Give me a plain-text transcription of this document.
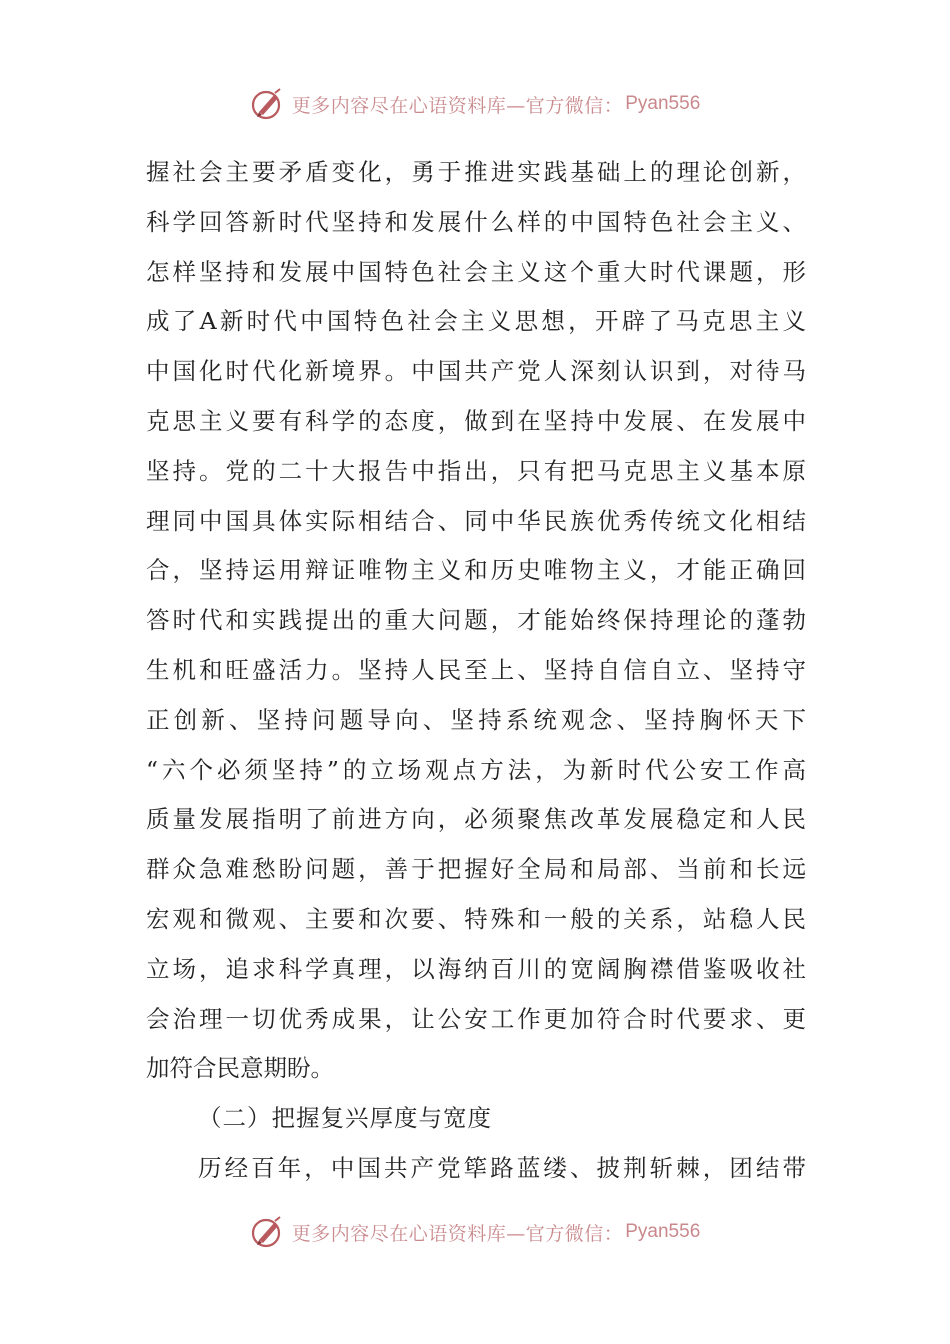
更多内容尽在心语资料库— 官方微信： Pyan556
握社会主要矛盾变化，勇于推进实践基础上的理论创新，
科学回答新时代坚持和发展什么样的中国特色社会主义、
怎样坚持和发展中国特色社会主义这个重大时代课题，形
成了A新时代中国特色社会主义思想，开辟了马克思主义
中国化时代化新境界。中国共产党人深刻认识到，对待马
克思主义要有科学的态度，做到在坚持中发展、在发展中
坚持。党的二十大报告中指出，只有把马克思主义基本原
理同中国具体实际相结合、同中华民族优秀传统文化相结
合，坚持运用辩证唯物主义和历史唯物主义，才能正确回
答时代和实践提出的重大问题，才能始终保持理论的蓬勃
生机和旺盛活力。坚持人民至上、坚持自信自立、坚持守
正创新、坚持问题导向、坚持系统观念、坚持胸怀天下
“六个必须坚持”的立场观点方法，为新时代公安工作高
质量发展指明了前进方向，必须聚焦改革发展稳定和人民
群众急难愁盼问题，善于把握好全局和局部、当前和长远
宏观和微观、主要和次要、特殊和一般的关系，站稳人民
立场，追求科学真理，以海纳百川的宽阔胸襟借鉴吸收社
会治理一切优秀成果，让公安工作更加符合时代要求、更
加符合民意期盼。
（二）把握复兴厚度与宽度
历经百年，中国共产党筚路蓝缕、披荆斩棘，团结带
更多内容尽在心语资料库— 官方微信： Pyan556
